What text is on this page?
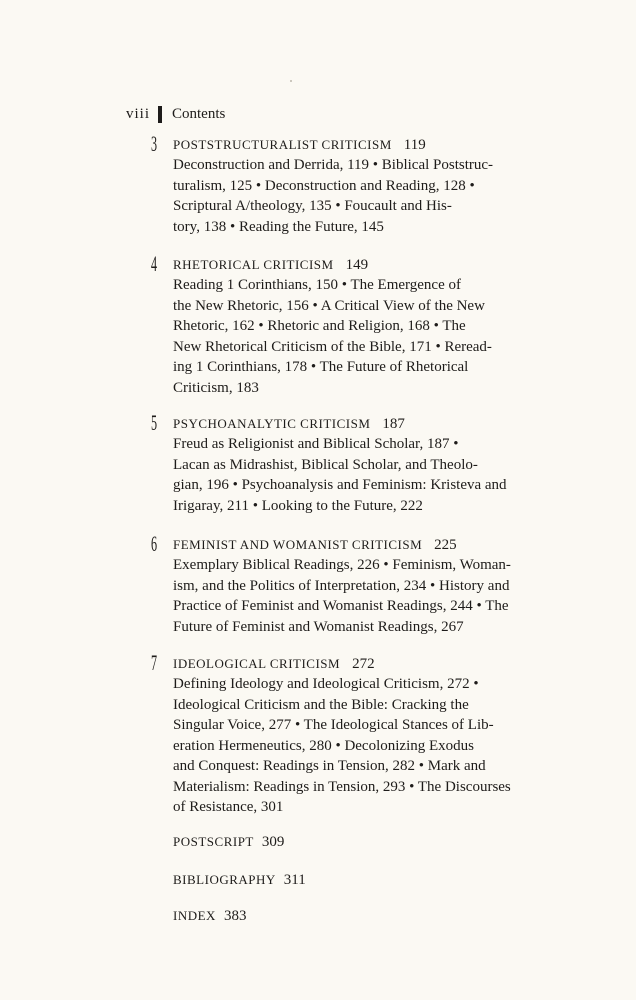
viii	Contents
3 POSTSTRUCTURALIST CRITICISM 119
Deconstruction and Derrida, 119 • Biblical Poststruc-
turalism, 125 • Deconstruction and Reading, 128 •
Scriptural A/theology, 135 • Foucault and His-
tory, 138 • Reading the Future, 145
4 RHETORICAL CRITICISM 149
Reading 1 Corinthians, 150 • The Emergence of
the New Rhetoric, 156 • A Critical View of the New
Rhetoric, 162 • Rhetoric and Religion, 168 • The
New Rhetorical Criticism of the Bible, 171 • Reread-
ing 1 Corinthians, 178 • The Future of Rhetorical
Criticism, 183
5 PSYCHOANALYTIC CRITICISM 187
Freud as Religionist and Biblical Scholar, 187 •
Lacan as Midrashist, Biblical Scholar, and Theolo-
gian, 196 • Psychoanalysis and Feminism: Kristeva and
Irigaray, 211 • Looking to the Future, 222
6 FEMINIST AND WOMANIST CRITICISM 225
Exemplary Biblical Readings, 226 • Feminism, Woman-
ism, and the Politics of Interpretation, 234 • History and
Practice of Feminist and Womanist Readings, 244 • The
Future of Feminist and Womanist Readings, 267
7 IDEOLOGICAL CRITICISM 272
Defining Ideology and Ideological Criticism, 272 •
Ideological Criticism and the Bible: Cracking the
Singular Voice, 277 • The Ideological Stances of Lib-
eration Hermeneutics, 280 • Decolonizing Exodus
and Conquest: Readings in Tension, 282 • Mark and
Materialism: Readings in Tension, 293 • The Discourses
of Resistance, 301
POSTSCRIPT 309
BIBLIOGRAPHY 311
INDEX 383
